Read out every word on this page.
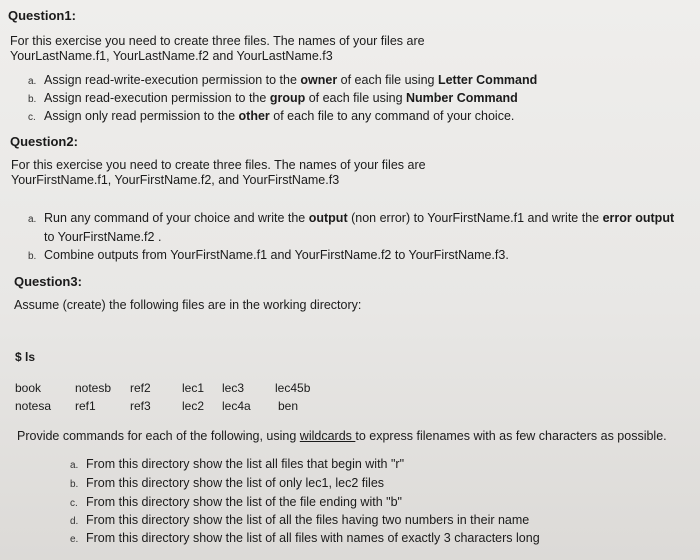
Question1:
For this exercise you need to create three files. The names of your files are
YourLastName.f1, YourLastName.f2 and YourLastName.f3
a. Assign read-write-execution permission to the owner of each file using Letter Command
b. Assign read-execution permission to the group of each file using Number Command
c. Assign only read permission to the other of each file to any command of your choice.
Question2:
For this exercise you need to create three files. The names of your files are
YourFirstName.f1, YourFirstName.f2, and YourFirstName.f3
a. Run any command of your choice and write the output (non error) to YourFirstName.f1 and write the error output
to YourFirstName.f2 .
b. Combine outputs from YourFirstName.f1 and YourFirstName.f2 to YourFirstName.f3.
Question3:
Assume (create) the following files are in the working directory:
$ ls
book	notesb ref2	lec1 lec3	lec45b
notesa ref1	ref3	lec2 lec4a ben
Provide commands for each of the following, using wildcards to express filenames with as few characters as possible.
a. From this directory show the list all files that begin with "r"
b. From this directory show the list of only lec1, lec2 files
c. From this directory show the list of the file ending with "b"
d. From this directory show the list of all the files having two numbers in their name
e. From this directory show the list of all files with names of exactly 3 characters long
